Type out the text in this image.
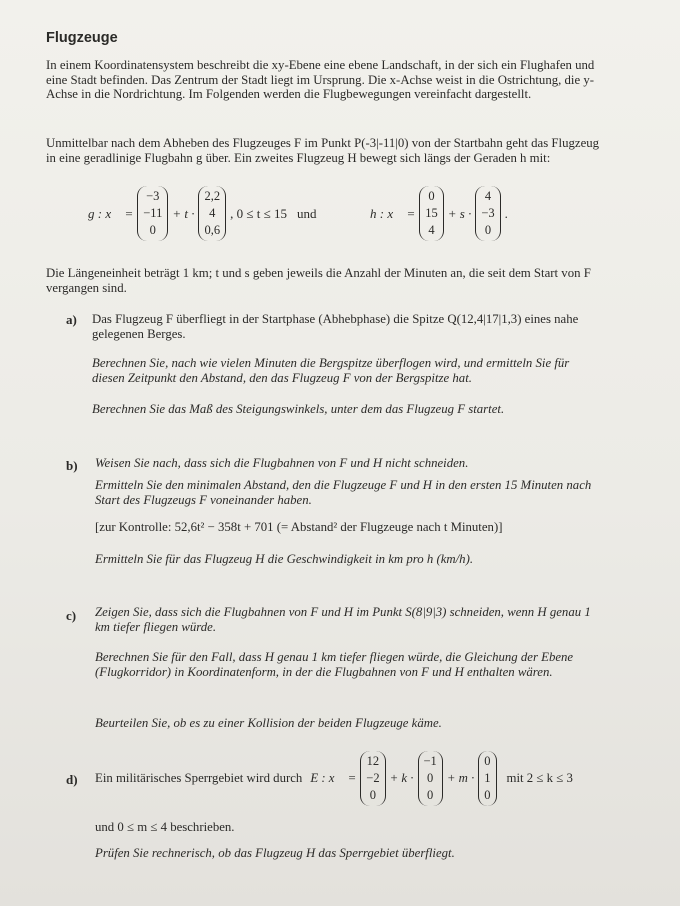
Flugzeuge
In einem Koordinatensystem beschreibt die xy-Ebene eine ebene Landschaft, in der sich ein Flughafen und eine Stadt befinden. Das Zentrum der Stadt liegt im Ursprung. Die x-Achse weist in die Ostrichtung, die y-Achse in die Nordrichtung. Im Folgenden werden die Flugbewegungen vereinfacht dargestellt.
Unmittelbar nach dem Abheben des Flugzeuges F im Punkt P(-3|-11|0) von der Startbahn geht das Flugzeug in eine geradlinige Flugbahn g über. Ein zweites Flugzeug H bewegt sich längs der Geraden h mit:
g : x⃗ =
−3
−11
0
+ t ·
2,2
4
0,6
, 0 ≤ t ≤ 15 und	h : x⃗ =
0
15
4
+ s ·
4
−3
0
.
Die Längeneinheit beträgt 1 km; t und s geben jeweils die Anzahl der Minuten an, die seit dem Start von F vergangen sind.
a) Das Flugzeug F überfliegt in der Startphase (Abhebphase) die Spitze Q(12,4|17|1,3) eines nahe gelegenen Berges.
Berechnen Sie, nach wie vielen Minuten die Bergspitze überflogen wird, und ermitteln Sie für diesen Zeitpunkt den Abstand, den das Flugzeug F von der Bergspitze hat.
Berechnen Sie das Maß des Steigungswinkels, unter dem das Flugzeug F startet.
b) Weisen Sie nach, dass sich die Flugbahnen von F und H nicht schneiden.
Ermitteln Sie den minimalen Abstand, den die Flugzeuge F und H in den ersten 15 Minuten nach Start des Flugzeugs F voneinander haben.
[zur Kontrolle: 52,6t² − 358t + 701 (= Abstand² der Flugzeuge nach t Minuten)]
Ermitteln Sie für das Flugzeug H die Geschwindigkeit in km pro h (km/h).
c) Zeigen Sie, dass sich die Flugbahnen von F und H im Punkt S(8|9|3) schneiden, wenn H genau 1 km tiefer fliegen würde.
Berechnen Sie für den Fall, dass H genau 1 km tiefer fliegen würde, die Gleichung der Ebene (Flugkorridor) in Koordinatenform, in der die Flugbahnen von F und H enthalten wären.
Beurteilen Sie, ob es zu einer Kollision der beiden Flugzeuge käme.
d) Ein militärisches Sperrgebiet wird durch E : x⃗ =
12
−2
0
+ k ·
−1
0
0
+ m ·
0
1
0
mit 2 ≤ k ≤ 3
und 0 ≤ m ≤ 4 beschrieben.
Prüfen Sie rechnerisch, ob das Flugzeug H das Sperrgebiet überfliegt.
